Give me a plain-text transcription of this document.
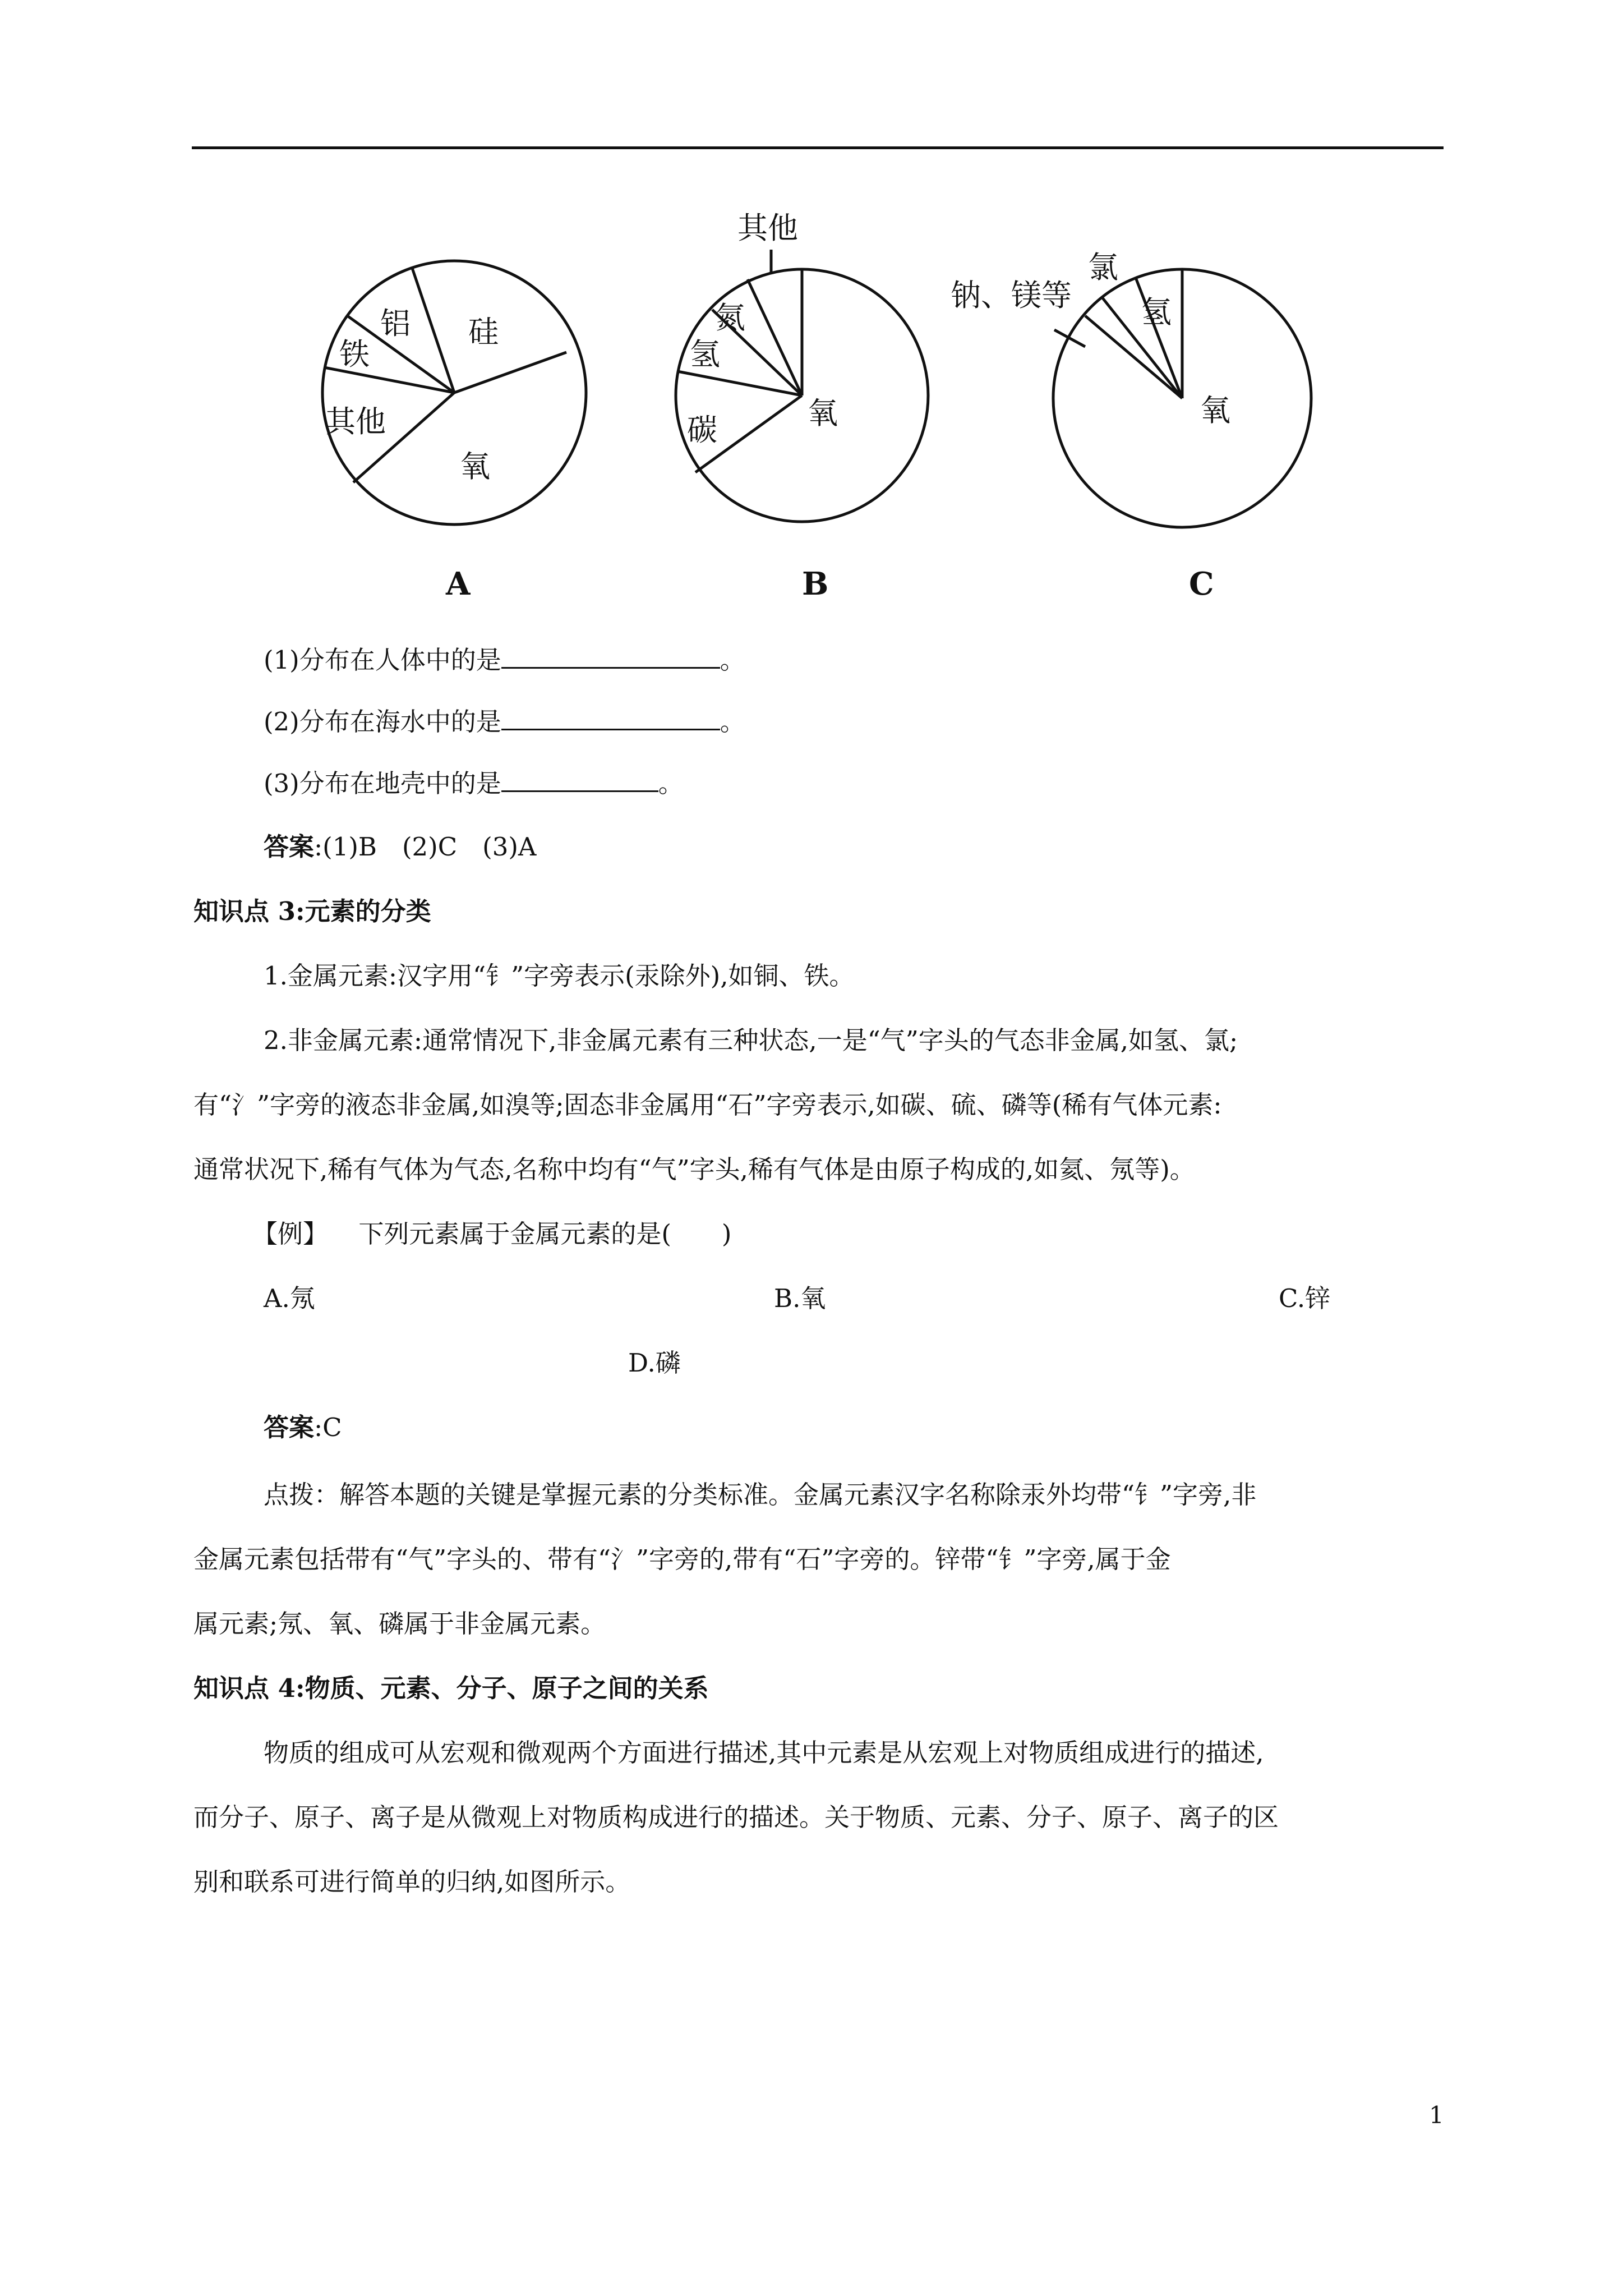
硅
铝
铁
其他
氧
A
其他
氮
氢
碳	氧
B
钠、镁等
氯
氢
氧
C
(1)分布在人体中的是	。
(2)分布在海水中的是	。
(3)分布在地壳中的是	。
答案:(1)B　(2)C　(3)A
知识点 3:元素的分类
1.金属元素:汉字用“钅”字旁表示(汞除外),如铜、铁。
2.非金属元素:通常情况下,非金属元素有三种状态,一是“气”字头的气态非金属,如氢、氯;
有“氵”字旁的液态非金属,如溴等;固态非金属用“石”字旁表示,如碳、硫、磷等(稀有气体元素:
通常状况下,稀有气体为气态,名称中均有“气”字头,稀有气体是由原子构成的,如氦、氖等)。
【例】 下列元素属于金属元素的是(　　)
A.氖	B.氧	C.锌
D.磷
答案:C
点拨：解答本题的关键是掌握元素的分类标准。金属元素汉字名称除汞外均带“钅”字旁,非
金属元素包括带有“气”字头的、带有“氵”字旁的,带有“石”字旁的。锌带“钅”字旁,属于金
属元素;氖、氧、磷属于非金属元素。
知识点 4:物质、元素、分子、原子之间的关系
物质的组成可从宏观和微观两个方面进行描述,其中元素是从宏观上对物质组成进行的描述,
而分子、原子、离子是从微观上对物质构成进行的描述。关于物质、元素、分子、原子、离子的区
别和联系可进行简单的归纳,如图所示。
1
